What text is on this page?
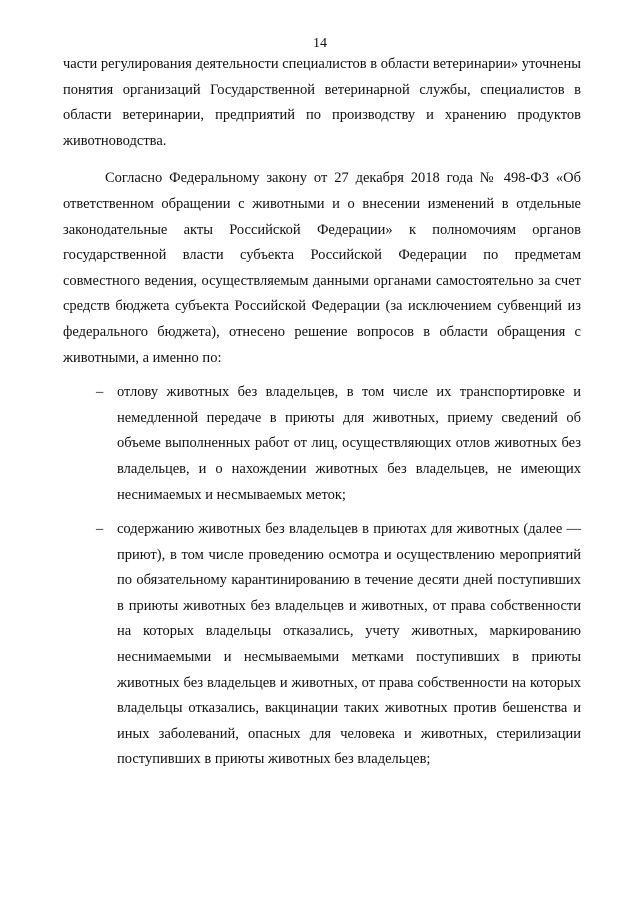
14

части регулирования деятельности специалистов в области ветеринарии» уточнены понятия организаций Государственной ветеринарной службы, специалистов в области ветеринарии, предприятий по производству и хранению продуктов животноводства.

Согласно Федеральному закону от 27 декабря 2018 года № 498-ФЗ «Об ответственном обращении с животными и о внесении изменений в отдельные законодательные акты Российской Федерации» к полномочиям органов государственной власти субъекта Российской Федерации по предметам совместного ведения, осуществляемым данными органами самостоятельно за счет средств бюджета субъекта Российской Федерации (за исключением субвенций из федерального бюджета), отнесено решение вопросов в области обращения с животными, а именно по:

– отлову животных без владельцев, в том числе их транспортировке и немедленной передаче в приюты для животных, приему сведений об объеме выполненных работ от лиц, осуществляющих отлов животных без владельцев, и о нахождении животных без владельцев, не имеющих неснимаемых и несмываемых меток;
– содержанию животных без владельцев в приютах для животных (далее — приют), в том числе проведению осмотра и осуществлению мероприятий по обязательному карантинированию в течение десяти дней поступивших в приюты животных без владельцев и животных, от права собственности на которых владельцы отказались, учету животных, маркированию неснимаемыми и несмываемыми метками поступивших в приюты животных без владельцев и животных, от права собственности на которых владельцы отказались, вакцинации таких животных против бешенства и иных заболеваний, опасных для человека и животных, стерилизации поступивших в приюты животных без владельцев;
